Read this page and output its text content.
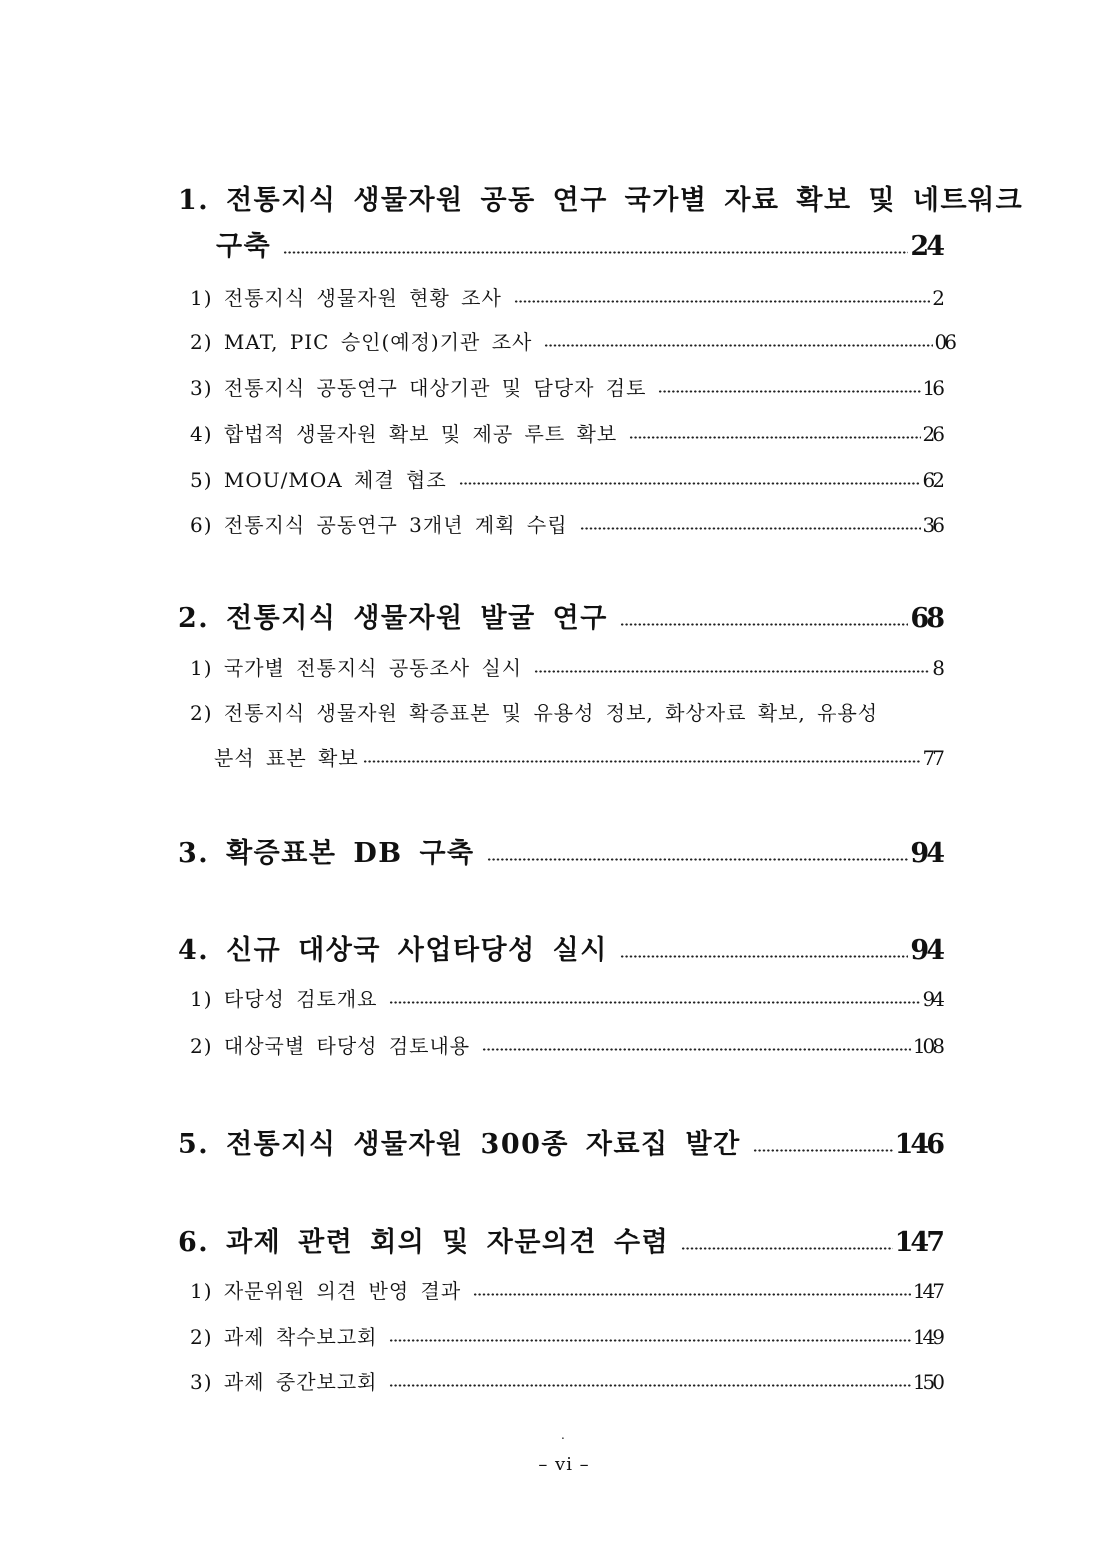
1. 전통지식 생물자원 공동 연구 국가별 자료 확보 및 네트워크
구축	24
1) 전통지식 생물자원 현황 조사	2
2) MAT, PIC 승인(예정)기관 조사	06
3) 전통지식 공동연구 대상기관 및 담당자 검토	16
4) 합법적 생물자원 확보 및 제공 루트 확보	26
5) MOU/MOA 체결 협조	62
6) 전통지식 공동연구 3개년 계획 수립	36
2. 전통지식 생물자원 발굴 연구	68
1) 국가별 전통지식 공동조사 실시	8
2) 전통지식 생물자원 확증표본 및 유용성 정보, 화상자료 확보, 유용성
분석 표본 확보	77
3. 확증표본 DB 구축	94
4. 신규 대상국 사업타당성 실시	94
1) 타당성 검토개요	94
2) 대상국별 타당성 검토내용	108
5. 전통지식 생물자원 300종 자료집 발간	146
6. 과제 관련 회의 및 자문의견 수렴	147
1) 자문위원 의견 반영 결과	147
2) 과제 착수보고회	149
3) 과제 중간보고회	150
.
– vi –
